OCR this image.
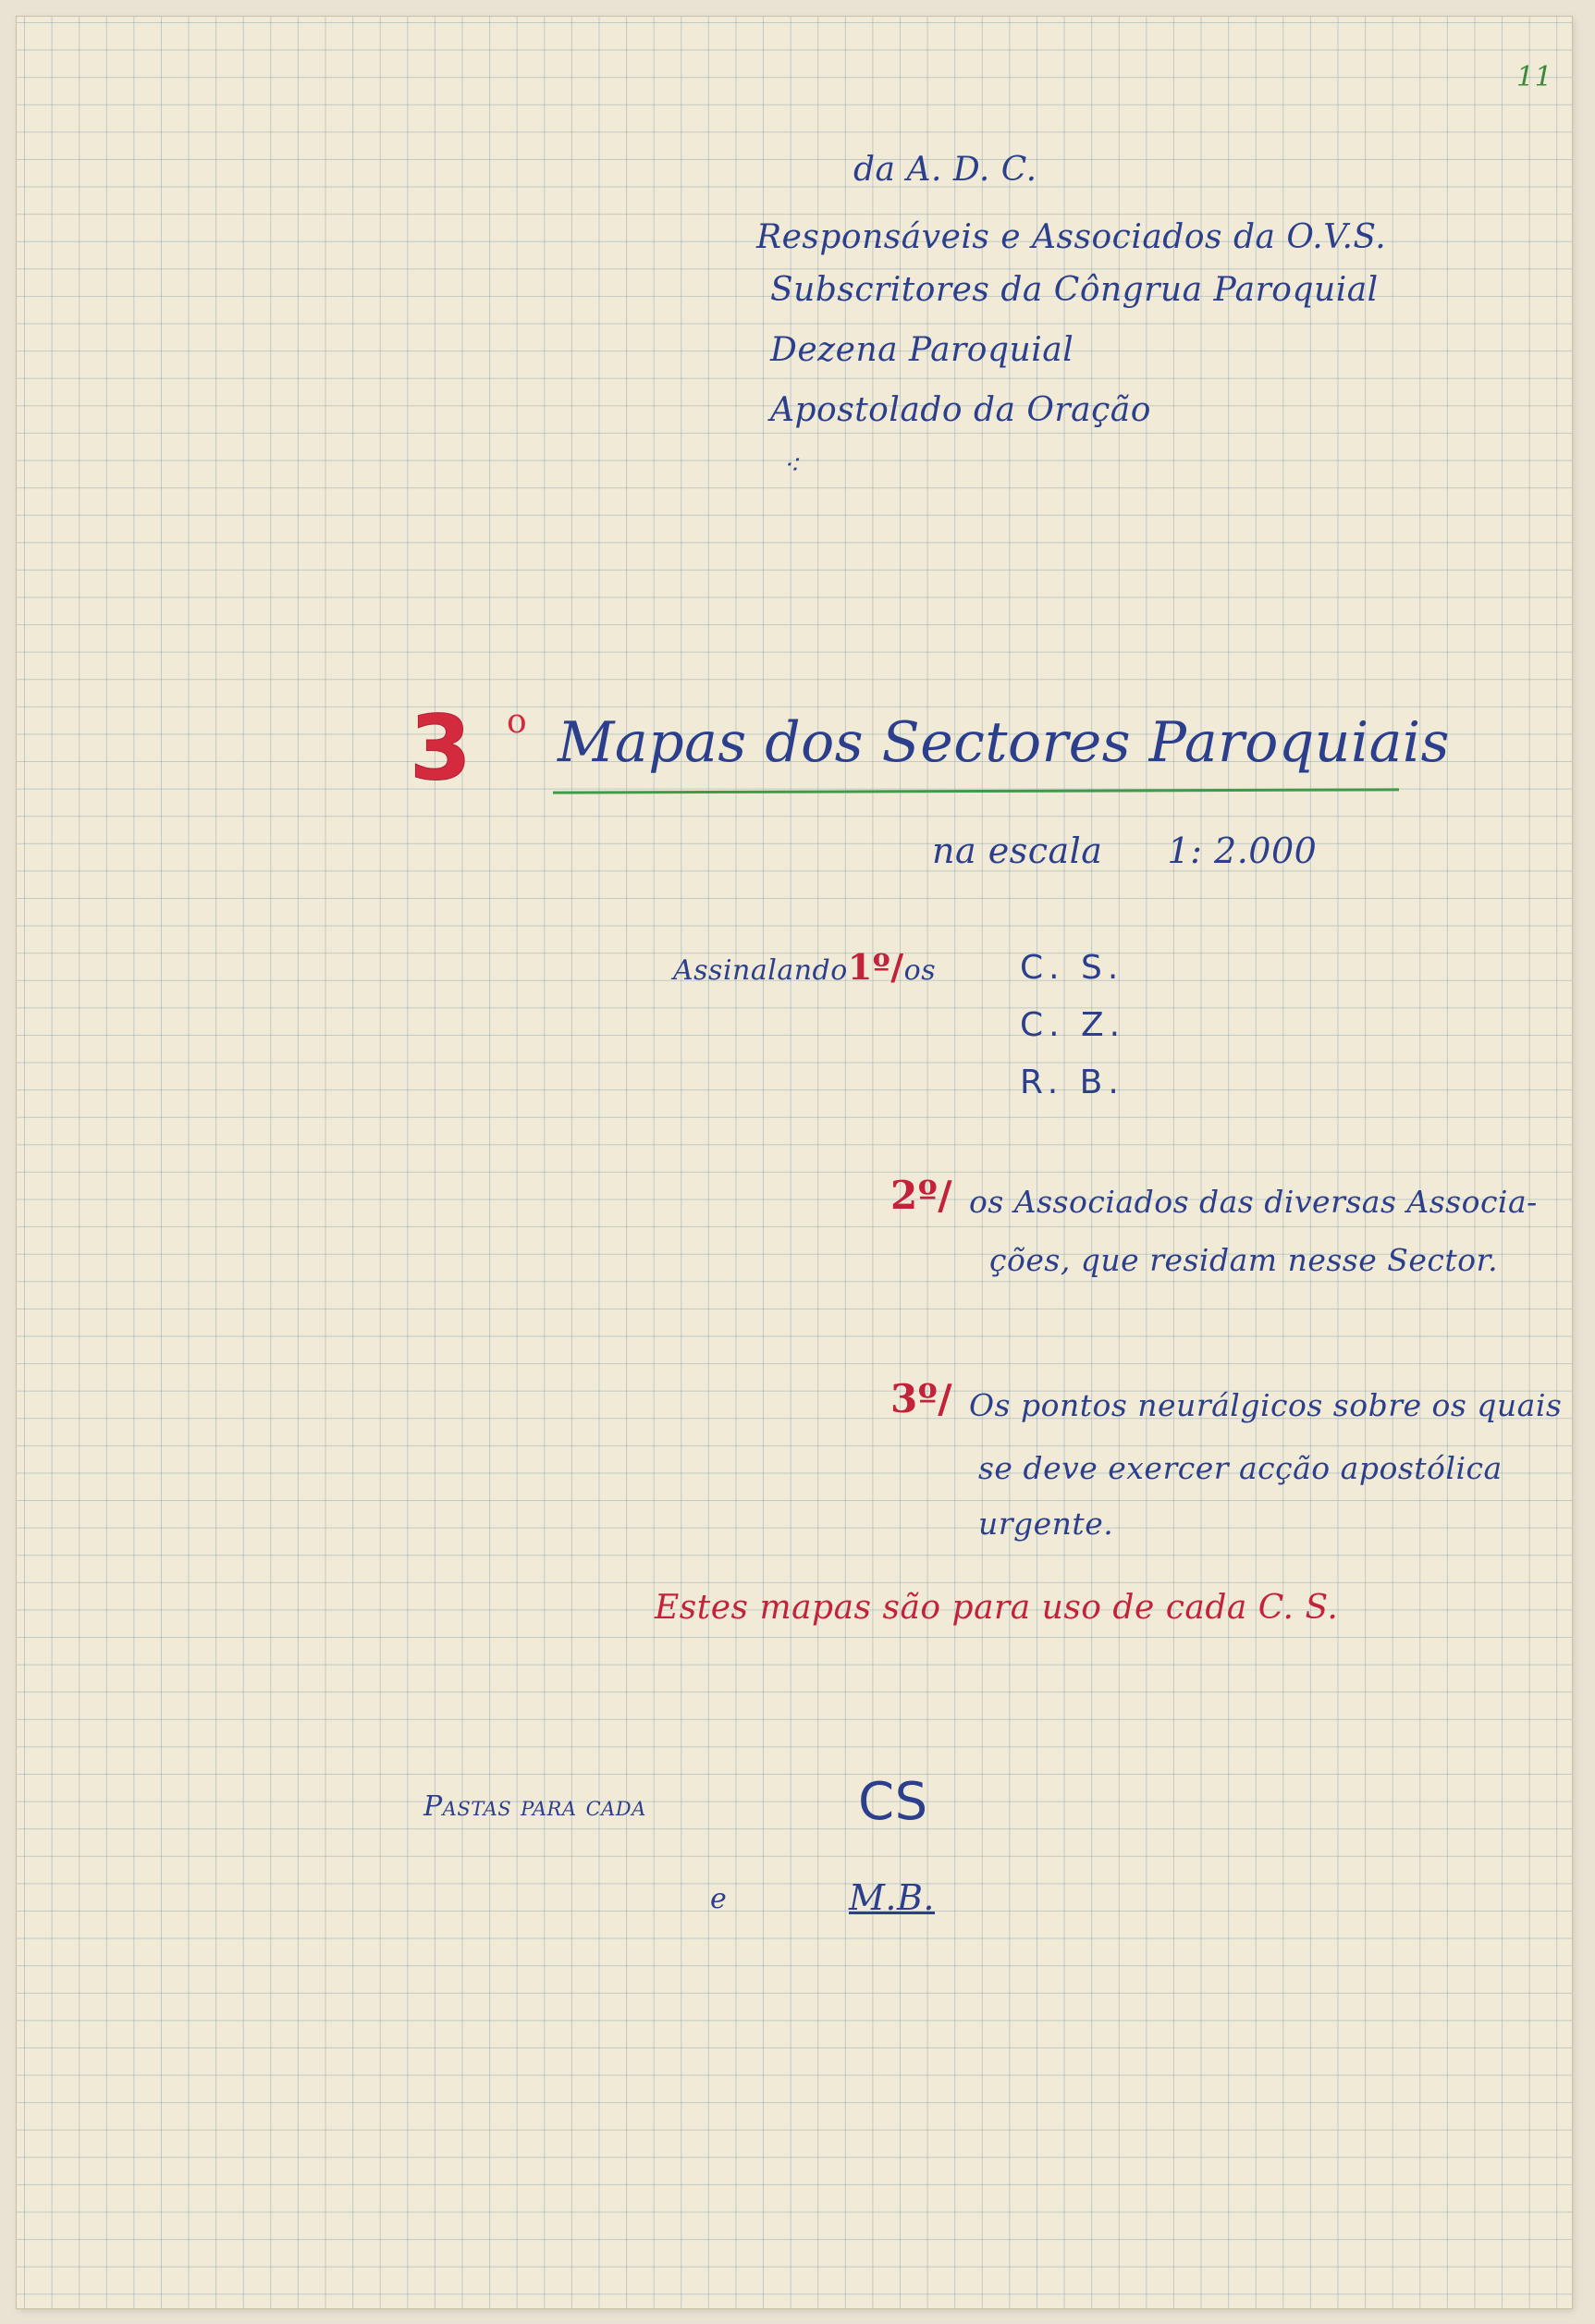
11
da A. D. C.
Responsáveis e Associados da O.V.S.
Subscritores da Côngrua Paroquial
Dezena Paroquial
Apostolado da Oração
⁖
3 o Mapas dos Sectores Paroquiais
na escala 1: 2.000
Assinalando1º/os	C. S.
C. Z.
R. B.
2º/ os Associados das diversas Associa-
ções, que residam nesse Sector.
3º/ Os pontos neurálgicos sobre os quais
se deve exercer acção apostólica
urgente.
Estes mapas são para uso de cada C. S.
Pastas para cada	CS
e	M.B.
